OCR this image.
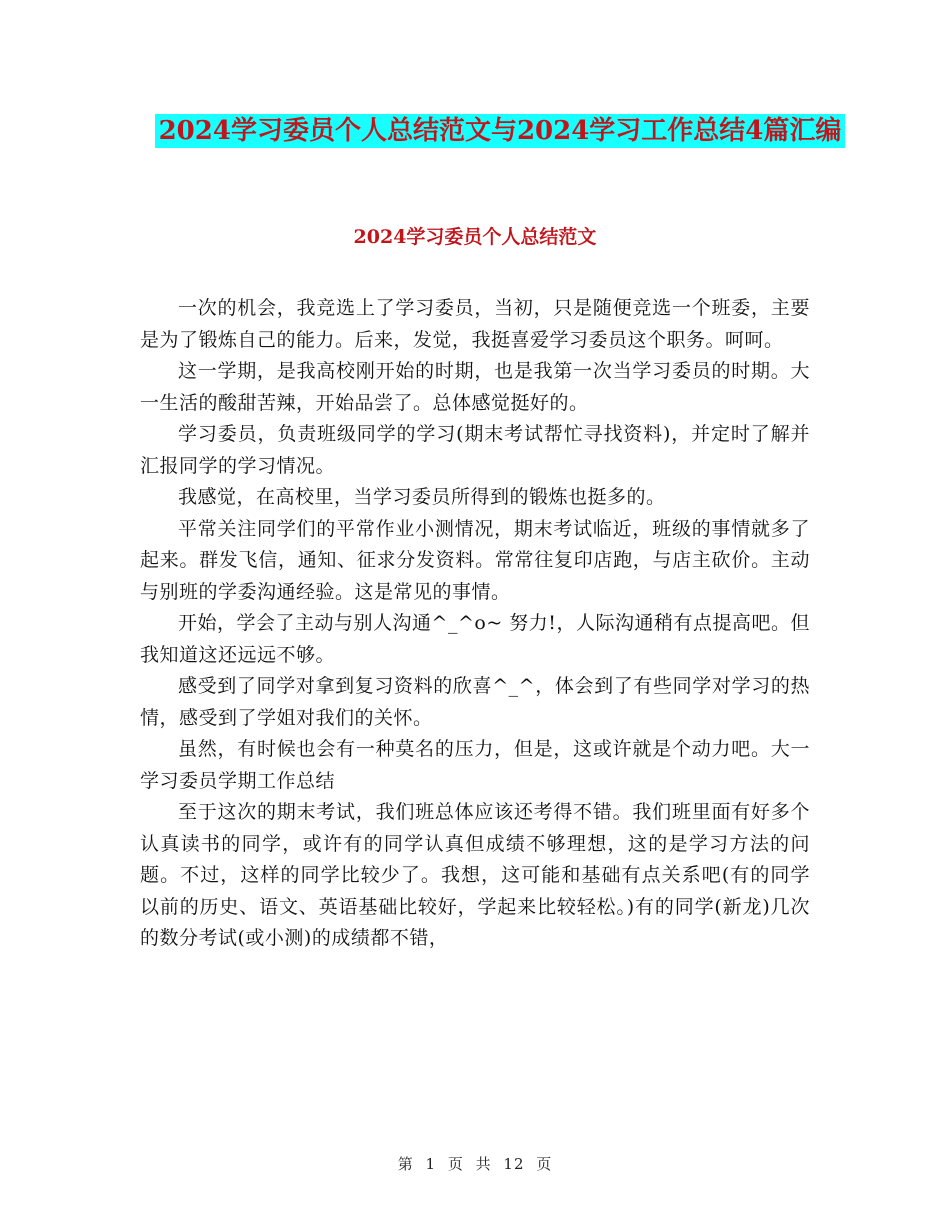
2024学习委员个人总结范文与2024学习工作总结4篇汇编
2024学习委员个人总结范文

一次的机会，我竞选上了学习委员，当初，只是随便竞选一个班委，主要是为了锻炼自己的能力。后来，发觉，我挺喜爱学习委员这个职务。呵呵。

这一学期，是我高校刚开始的时期，也是我第一次当学习委员的时期。大一生活的酸甜苦辣，开始品尝了。总体感觉挺好的。

学习委员，负责班级同学的学习(期末考试帮忙寻找资料)，并定时了解并汇报同学的学习情况。

我感觉，在高校里，当学习委员所得到的锻炼也挺多的。

平常关注同学们的平常作业小测情况，期末考试临近，班级的事情就多了起来。群发飞信，通知、征求分发资料。常常往复印店跑，与店主砍价。主动与别班的学委沟通经验。这是常见的事情。

开始，学会了主动与别人沟通^_^o~ 努力!，人际沟通稍有点提高吧。但我知道这还远远不够。

感受到了同学对拿到复习资料的欣喜^_^，体会到了有些同学对学习的热情，感受到了学姐对我们的关怀。

虽然，有时候也会有一种莫名的压力，但是，这或许就是个动力吧。大一学习委员学期工作总结

至于这次的期末考试，我们班总体应该还考得不错。我们班里面有好多个认真读书的同学，或许有的同学认真但成绩不够理想，这的是学习方法的问题。不过，这样的同学比较少了。我想，这可能和基础有点关系吧(有的同学以前的历史、语文、英语基础比较好，学起来比较轻松。)有的同学(新龙)几次的数分考试(或小测)的成绩都不错，

第 1 页 共 12 页
